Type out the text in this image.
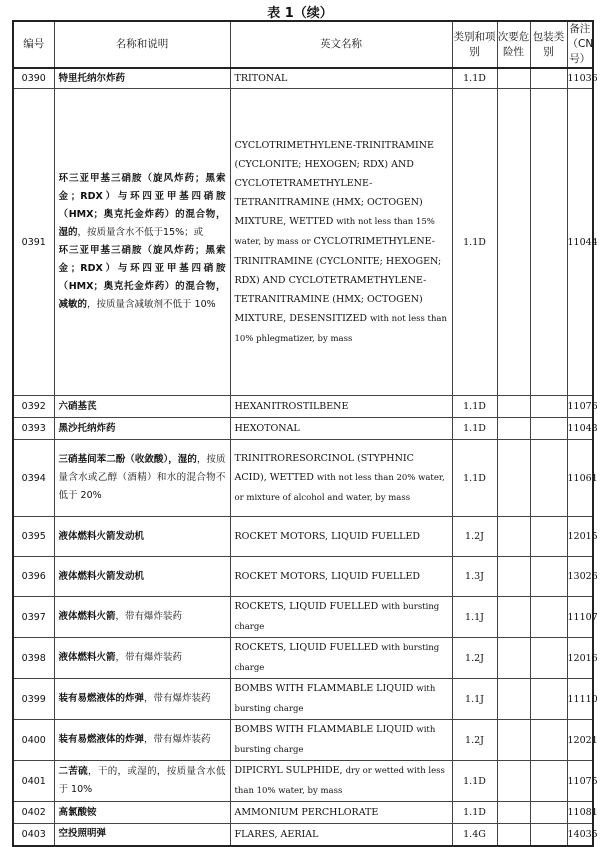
表 1（续）
编号	名称和说明	英文名称	类别和项别	次要危险性	包装类别	备注（CN 号）
0390	特里托纳尔炸药	TRITONAL	1.1D			11036
0391	环三亚甲基三硝胺（旋风炸药；黑索金；RDX）与环四亚甲基四硝胺（HMX；奥克托金炸药）的混合物，湿的，按质量含水不低于15%；或
环三亚甲基三硝胺（旋风炸药；黑索金；RDX）与环四亚甲基四硝胺（HMX；奥克托金炸药）的混合物，减敏的，按质量含减敏剂不低于 10%	CYCLOTRIMETHYLENE-TRINITRAMINE (CYCLONITE; HEXOGEN; RDX) AND CYCLOTETRAMETHYLENE-TETRANITRAMINE (HMX; OCTOGEN) MIXTURE, WETTED with not less than 15% water, by mass or CYCLOTRIMETHYLENE-TRINITRAMINE (CYCLONITE; HEXOGEN; RDX) AND CYCLOTETRAMETHYLENE-TETRANITRAMINE (HMX; OCTOGEN) MIXTURE, DESENSITIZED with not less than 10% phlegmatizer, by mass	1.1D			11044
0392	六硝基芪	HEXANITROSTILBENE	1.1D			11076
0393	黑沙托纳炸药	HEXOTONAL	1.1D			11043
0394	三硝基间苯二酚（收敛酸），湿的，按质量含水或乙醇（酒精）和水的混合物不低于 20%	TRINITRORESORCINOL (STYPHNIC ACID), WETTED with not less than 20% water, or mixture of alcohol and water, by mass	1.1D			11061
0395	液体燃料火箭发动机	ROCKET MOTORS, LIQUID FUELLED	1.2J			12015
0396	液体燃料火箭发动机	ROCKET MOTORS, LIQUID FUELLED	1.3J			13026
0397	液体燃料火箭，带有爆炸装药	ROCKETS, LIQUID FUELLED with bursting charge	1.1J			11107
0398	液体燃料火箭，带有爆炸装药	ROCKETS, LIQUID FUELLED with bursting charge	1.2J			12016
0399	装有易燃液体的炸弹，带有爆炸装药	BOMBS WITH FLAMMABLE LIQUID with bursting charge	1.1J			11110
0400	装有易燃液体的炸弹，带有爆炸装药	BOMBS WITH FLAMMABLE LIQUID with bursting charge	1.2J			12021
0401	二苦硫，干的，或湿的，按质量含水低于 10%	DIPICRYL SULPHIDE, dry or wetted with less than 10% water, by mass	1.1D			11075
0402	高氯酸铵	AMMONIUM PERCHLORATE	1.1D			11081
0403	空投照明弹	FLARES, AERIAL	1.4G			14035
